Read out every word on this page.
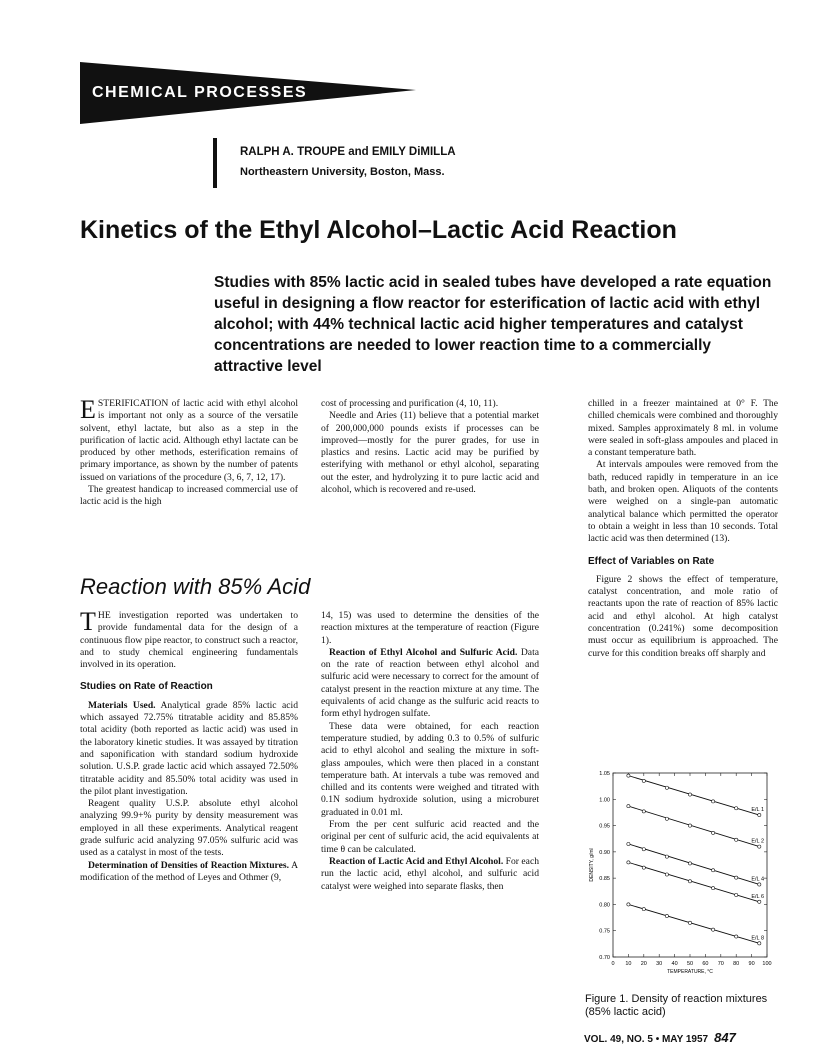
CHEMICAL PROCESSES
RALPH A. TROUPE and EMILY DiMILLA
Northeastern University, Boston, Mass.
Kinetics of the Ethyl Alcohol–Lactic Acid Reaction
Studies with 85% lactic acid in sealed tubes have developed a rate equation useful in designing a flow reactor for esterification of lactic acid with ethyl alcohol; with 44% technical lactic acid higher temperatures and catalyst concentrations are needed to lower reaction time to a commercially attractive level

ESTERIFICATION of lactic acid with ethyl alcohol is important not only as a source of the versatile solvent, ethyl lactate, but also as a step in the purification of lactic acid. Although ethyl lactate can be produced by other methods, esterification remains of primary importance, as shown by the number of patents issued on variations of the procedure (3, 6, 7, 12, 17).

The greatest handicap to increased commercial use of lactic acid is the high

cost of processing and purification (4, 10, 11).

Needle and Aries (11) believe that a potential market of 200,000,000 pounds exists if processes can be improved—mostly for the purer grades, for use in plastics and resins. Lactic acid may be purified by esterifying with methanol or ethyl alcohol, separating out the ester, and hydrolyzing it to pure lactic acid and alcohol, which is recovered and re-used.

chilled in a freezer maintained at 0° F. The chilled chemicals were combined and thoroughly mixed. Samples approximately 8 ml. in volume were sealed in soft-glass ampoules and placed in a constant temperature bath.

At intervals ampoules were removed from the bath, reduced rapidly in temperature in an ice bath, and broken open. Aliquots of the contents were weighed on a single-pan automatic analytical balance which permitted the operator to obtain a weight in less than 10 seconds. Total lactic acid was then determined (13).

Effect of Variables on Rate

Figure 2 shows the effect of temperature, catalyst concentration, and mole ratio of reactants upon the rate of reaction of 85% lactic acid and ethyl alcohol. At high catalyst concentration (0.241%) some decomposition must occur as equilibrium is approached. The curve for this condition breaks off sharply and

Reaction with 85% Acid

THE investigation reported was undertaken to provide fundamental data for the design of a continuous flow pipe reactor, to construct such a reactor, and to study chemical engineering fundamentals involved in its operation.

Studies on Rate of Reaction

Materials Used. Analytical grade 85% lactic acid which assayed 72.75% titratable acidity and 85.85% total acidity (both reported as lactic acid) was used in the laboratory kinetic studies. It was assayed by titration and saponification with standard sodium hydroxide solution. U.S.P. grade lactic acid which assayed 72.50% titratable acidity and 85.50% total acidity was used in the pilot plant investigation.

Reagent quality U.S.P. absolute ethyl alcohol analyzing 99.9+% purity by density measurement was employed in all these experiments. Analytical reagent grade sulfuric acid analyzing 97.05% sulfuric acid was used as a catalyst in most of the tests.

Determination of Densities of Reaction Mixtures. A modification of the method of Leyes and Othmer (9,

14, 15) was used to determine the densities of the reaction mixtures at the temperature of reaction (Figure 1).

Reaction of Ethyl Alcohol and Sulfuric Acid. Data on the rate of reaction between ethyl alcohol and sulfuric acid were necessary to correct for the amount of catalyst present in the reaction mixture at any time. The equivalents of acid change as the sulfuric acid reacts to form ethyl hydrogen sulfate.

These data were obtained, for each reaction temperature studied, by adding 0.3 to 0.5% of sulfuric acid to ethyl alcohol and sealing the mixture in soft-glass ampoules, which were then placed in a constant temperature bath. At intervals a tube was removed and chilled and its contents were weighed and titrated with 0.1N sodium hydroxide solution, using a microburet graduated in 0.01 ml.

From the per cent sulfuric acid reacted and the original per cent of sulfuric acid, the acid equivalents at time θ can be calculated.

Reaction of Lactic Acid and Ethyl Alcohol. For each run the lactic acid, ethyl alcohol, and sulfuric acid catalyst were weighed into separate flasks, then

0 10 20 30 40 50 60 70 80 90 100
0.70
0.75
0.80
0.85
0.90
0.95
1.00
1.05
TEMPERATURE, °C
DENSITY, g/ml
E/L 1
E/L 2
E/L 4
E/L 6
E/L 8
Figure 1. Density of reaction mixtures (85% lactic acid)
VOL. 49, NO. 5 • MAY 1957 847
